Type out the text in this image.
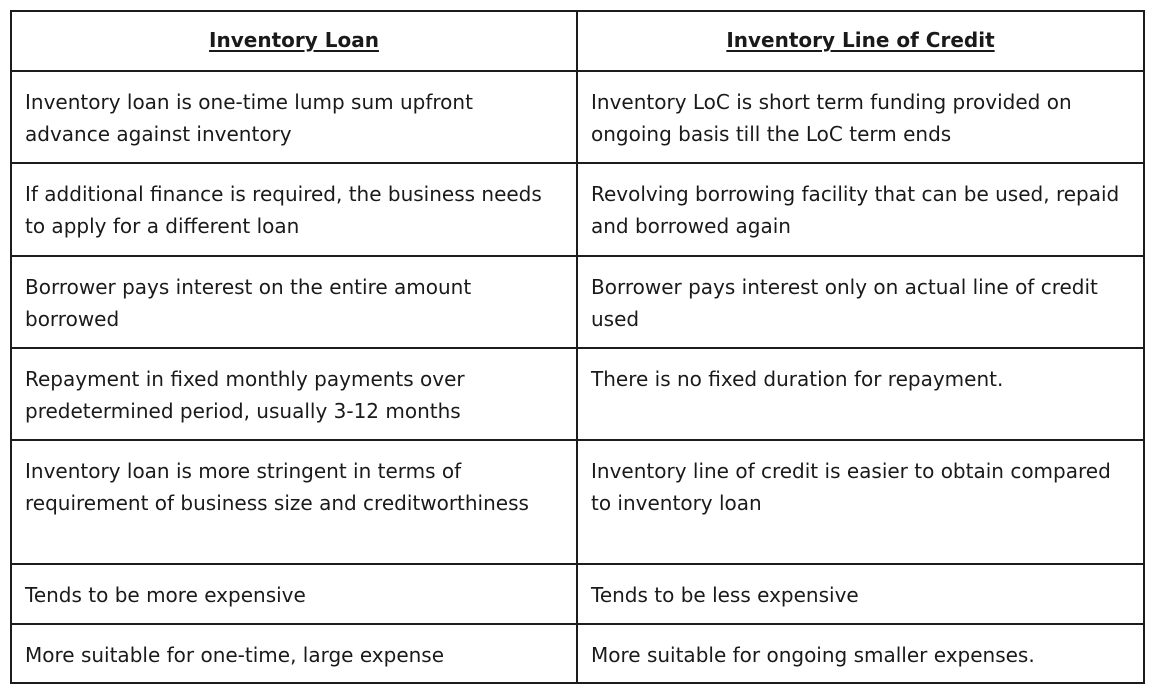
Inventory Loan	Inventory Line of Credit
Inventory loan is one-time lump sum upfront advance against inventory	Inventory LoC is short term funding provided on ongoing basis till the LoC term ends
If additional finance is required, the business needs to apply for a different loan	Revolving borrowing facility that can be used, repaid and borrowed again
Borrower pays interest on the entire amount borrowed	Borrower pays interest only on actual line of credit used
Repayment in fixed monthly payments over predetermined period, usually 3-12 months	There is no fixed duration for repayment.
Inventory loan is more stringent in terms of requirement of business size and creditworthiness	Inventory line of credit is easier to obtain compared to inventory loan
Tends to be more expensive	Tends to be less expensive
More suitable for one-time, large expense	More suitable for ongoing smaller expenses.
